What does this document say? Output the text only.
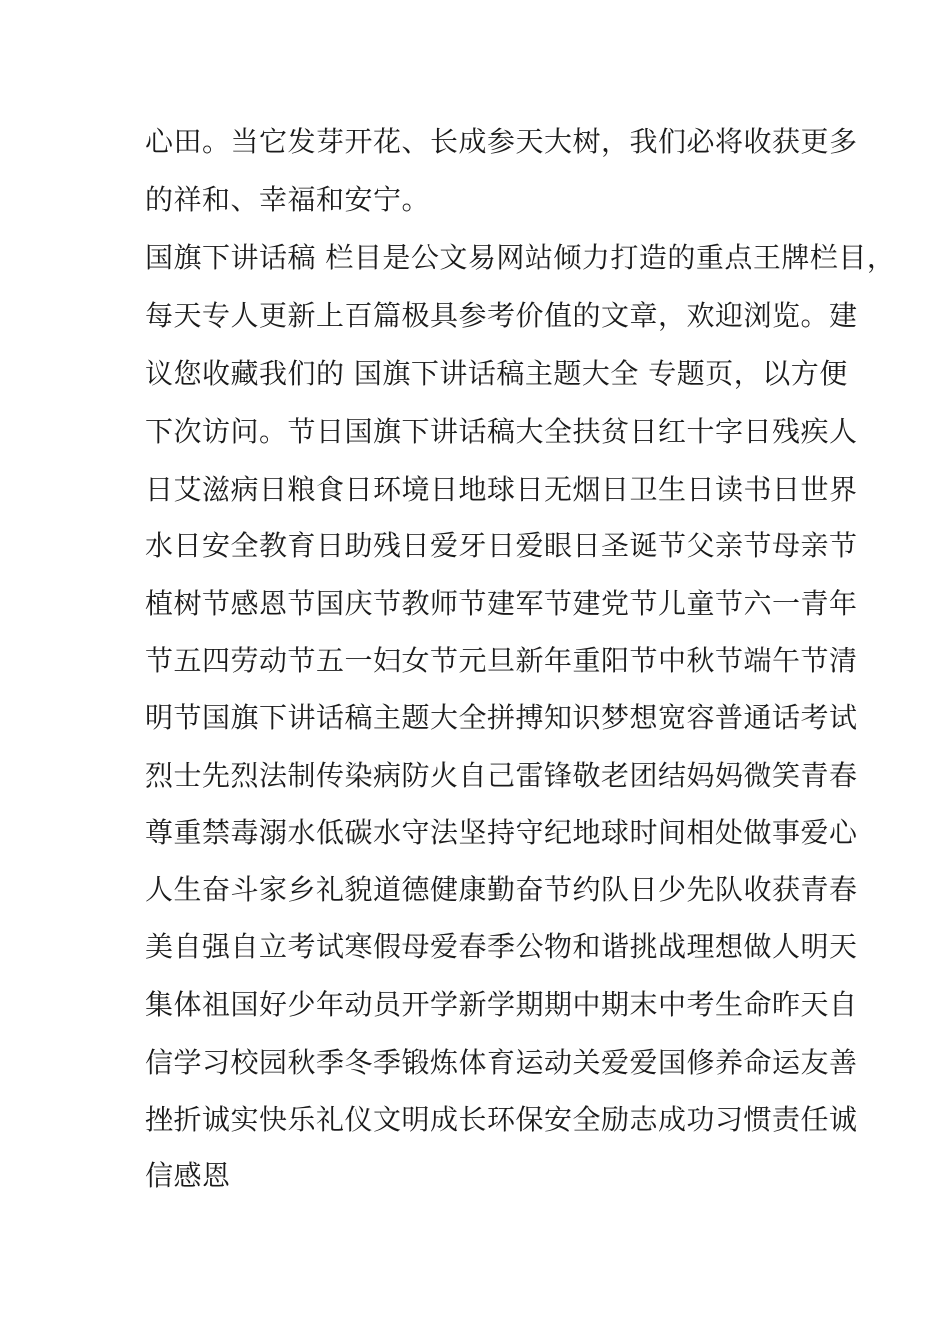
心田。当它发芽开花、长成参天大树，我们必将收获更多
的祥和、幸福和安宁。
国旗下讲话稿 栏目是公文易网站倾力打造的重点王牌栏目，
每天专人更新上百篇极具参考价值的文章，欢迎浏览。建
议您收藏我们的 国旗下讲话稿主题大全 专题页，以方便
下次访问。节日国旗下讲话稿大全扶贫日红十字日残疾人
日艾滋病日粮食日环境日地球日无烟日卫生日读书日世界
水日安全教育日助残日爱牙日爱眼日圣诞节父亲节母亲节
植树节感恩节国庆节教师节建军节建党节儿童节六一青年
节五四劳动节五一妇女节元旦新年重阳节中秋节端午节清
明节国旗下讲话稿主题大全拼搏知识梦想宽容普通话考试
烈士先烈法制传染病防火自己雷锋敬老团结妈妈微笑青春
尊重禁毒溺水低碳水守法坚持守纪地球时间相处做事爱心
人生奋斗家乡礼貌道德健康勤奋节约队日少先队收获青春
美自强自立考试寒假母爱春季公物和谐挑战理想做人明天
集体祖国好少年动员开学新学期期中期末中考生命昨天自
信学习校园秋季冬季锻炼体育运动关爱爱国修养命运友善
挫折诚实快乐礼仪文明成长环保安全励志成功习惯责任诚
信感恩
